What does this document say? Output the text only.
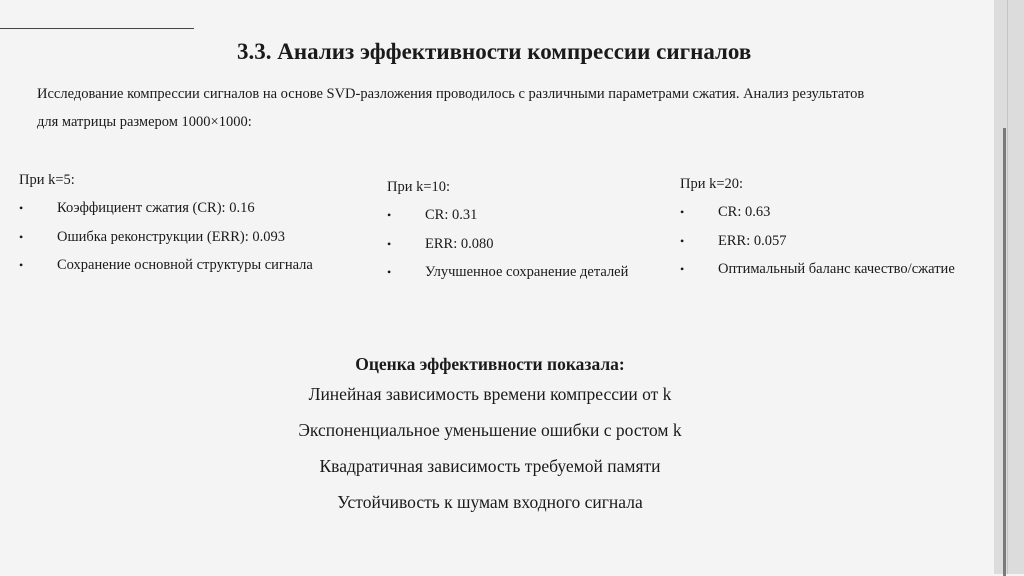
3.3. Анализ эффективности компрессии сигналов
Исследование компрессии сигналов на основе SVD-разложения проводилось с различными параметрами сжатия. Анализ результатов
для матрицы размером 1000×1000:
При k=5:
• Коэффициент сжатия (CR): 0.16
• Ошибка реконструкции (ERR): 0.093
• Сохранение основной структуры сигнала
При k=10:
• CR: 0.31
• ERR: 0.080
• Улучшенное сохранение деталей
При k=20:
• CR: 0.63
• ERR: 0.057
• Оптимальный баланс качество/сжатие
Оценка эффективности показала:
Линейная зависимость времени компрессии от k
Экспоненциальное уменьшение ошибки с ростом k
Квадратичная зависимость требуемой памяти
Устойчивость к шумам входного сигнала
